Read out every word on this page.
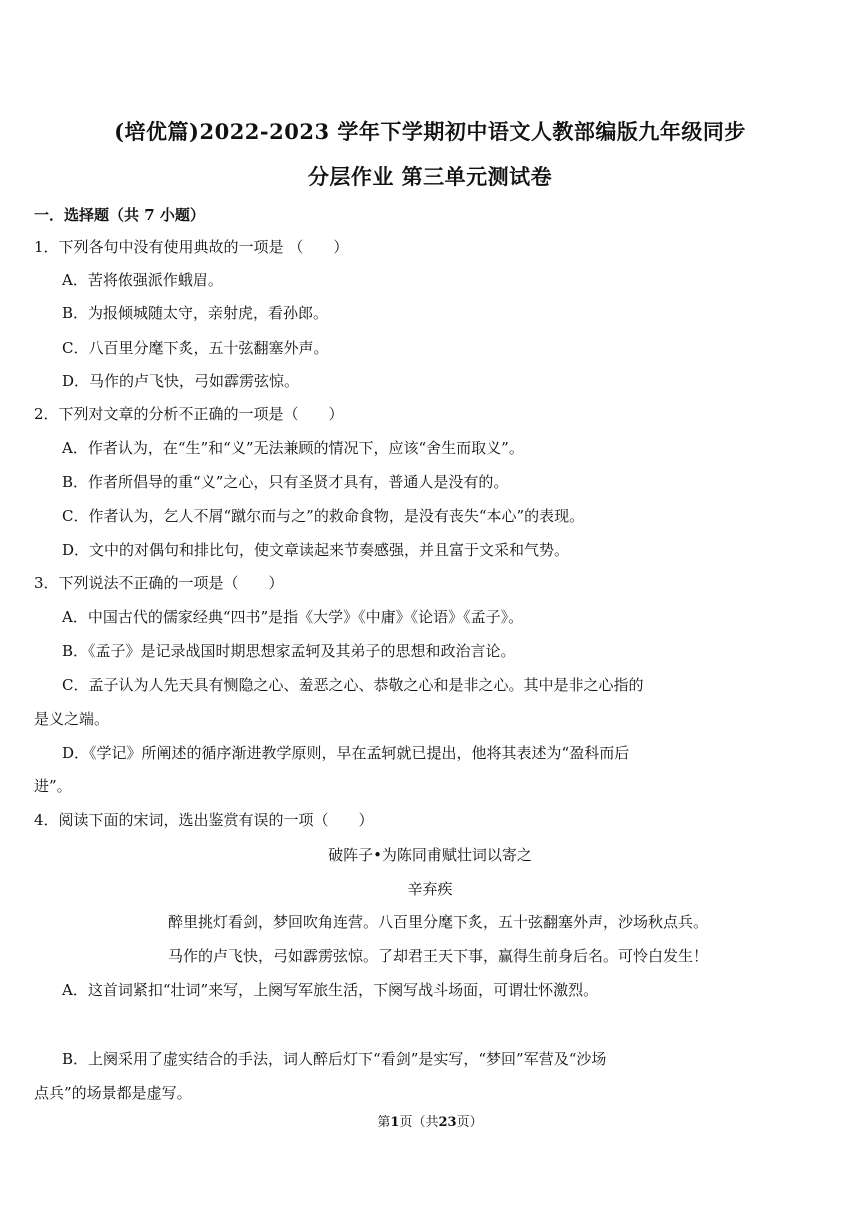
(培优篇)2022-2023 学年下学期初中语文人教部编版九年级同步
分层作业 第三单元测试卷
一．选择题（共 7 小题）
1．下列各句中没有使用典故的一项是 （　　）
A．苦将侬强派作蛾眉。
B．为报倾城随太守，亲射虎，看孙郎。
C．八百里分麾下炙，五十弦翻塞外声。
D．马作的卢飞快，弓如霹雳弦惊。
2．下列对文章的分析不正确的一项是（　　）
A．作者认为，在“生”和“义”无法兼顾的情况下，应该“舍生而取义”。
B．作者所倡导的重“义”之心，只有圣贤才具有，普通人是没有的。
C．作者认为，乞人不屑“蹴尔而与之”的救命食物，是没有丧失“本心”的表现。
D．文中的对偶句和排比句，使文章读起来节奏感强，并且富于文采和气势。
3．下列说法不正确的一项是（　　）
A．中国古代的儒家经典“四书”是指《大学》《中庸》《论语》《孟子》。
B．《孟子》是记录战国时期思想家孟轲及其弟子的思想和政治言论。
C．孟子认为人先天具有恻隐之心、羞恶之心、恭敬之心和是非之心。其中是非之心指的
是义之端。
D．《学记》所阐述的循序渐进教学原则，早在孟轲就已提出，他将其表述为“盈科而后
进”。
4．阅读下面的宋词，选出鉴赏有误的一项（　　）
破阵子•为陈同甫赋壮词以寄之
辛弃疾
醉里挑灯看剑，梦回吹角连营。八百里分麾下炙，五十弦翻塞外声，沙场秋点兵。
马作的卢飞快，弓如霹雳弦惊。了却君王天下事，赢得生前身后名。可怜白发生！
A．这首词紧扣“壮词”来写，上阕写军旅生活，下阕写战斗场面，可谓壮怀激烈。
B．上阕采用了虚实结合的手法，词人醉后灯下“看剑”是实写，“梦回”军营及“沙场
点兵”的场景都是虚写。
第1页（共23页）
